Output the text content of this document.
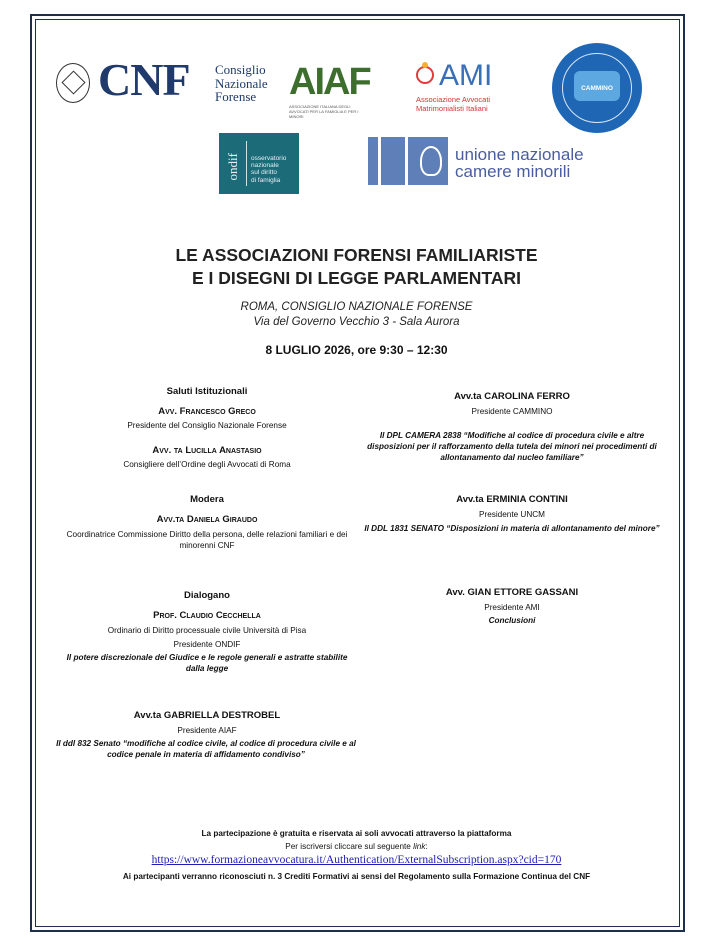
CNF Consiglio
Nazionale
Forense AIAF
ASSOCIAZIONE ITALIANA DEGLI AVVOCATI PER LA FAMIGLIA E PER I MINORI
AMI
Associazione Avvocati
Matrimonialisti Italiani
CAMMINO
ondif osservatorio
nazionale
sul diritto
di famiglia
unione nazionale
camere minorili
LE ASSOCIAZIONI FORENSI FAMILIARISTE
E I DISEGNI DI LEGGE PARLAMENTARI
ROMA, CONSIGLIO NAZIONALE FORENSE
Via del Governo Vecchio 3 - Sala Aurora
8 LUGLIO 2026, ore 9:30 – 12:30
Saluti Istituzionali
Avv. Francesco Greco
Presidente del Consiglio Nazionale Forense
Avv. ta Lucilla Anastasio
Consigliere dell’Ordine degli Avvocati di Roma
Modera
Avv.ta Daniela Giraudo
Coordinatrice Commissione Diritto della persona, delle relazioni familiari e dei minorenni CNF
Dialogano
Prof. Claudio Cecchella
Ordinario di Diritto processuale civile Università di Pisa
Presidente ONDIF
Il potere discrezionale del Giudice e le regole generali e astratte stabilite dalla legge
Avv.ta GABRIELLA DESTROBEL
Presidente AIAF
Il ddl 832 Senato “modifiche al codice civile, al codice di procedura civile e al codice penale in materia di affidamento condiviso”
Avv.ta CAROLINA FERRO
Presidente CAMMINO
Il DPL CAMERA 2838 “Modifiche al codice di procedura civile e altre disposizioni per il rafforzamento della tutela dei minori nei procedimenti di allontanamento dal nucleo familiare”
Avv.ta ERMINIA CONTINI
Presidente UNCM
Il DDL 1831 SENATO “Disposizioni in materia di allontanamento del minore”
Avv. GIAN ETTORE GASSANI
Presidente AMI
Conclusioni
La partecipazione è gratuita e riservata ai soli avvocati attraverso la piattaforma
Per iscriversi cliccare sul seguente link:
https://www.formazioneavvocatura.it/Authentication/ExternalSubscription.aspx?cid=170
Ai partecipanti verranno riconosciuti n. 3 Crediti Formativi ai sensi del Regolamento sulla Formazione Continua del CNF
